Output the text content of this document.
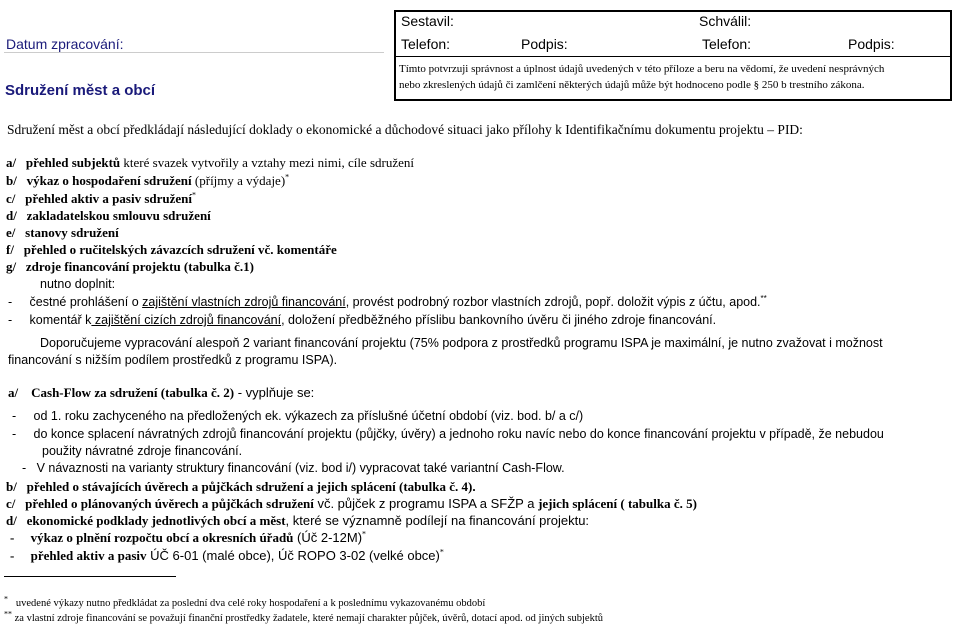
Datum zpracování:
Sdružení měst a obcí
Sestavil:	Schválil:
Telefon:	Podpis:	Telefon:	Podpis:
Tímto potvrzuji správnost a úplnost údajů uvedených v této příloze a beru na vědomí, že uvedení nesprávných
nebo zkreslených údajů či zamlčení některých údajů může být hodnoceno podle § 250 b trestního zákona.
Sdružení měst a obcí předkládají následující doklady o ekonomické a důchodové situaci jako přílohy k Identifikačnímu dokumentu projektu – PID:
a/ přehled subjektů které svazek vytvořily a vztahy mezi nimi, cíle sdružení
b/ výkaz o hospodaření sdružení (příjmy a výdaje)*
c/ přehled aktiv a pasiv sdružení*
d/ zakladatelskou smlouvu sdružení
e/ stanovy sdružení
f/ přehled o ručitelských závazcích sdružení vč. komentáře
g/ zdroje financování projektu (tabulka č.1)
nutno doplnit:
- čestné prohlášení o zajištění vlastních zdrojů financování, provést podrobný rozbor vlastních zdrojů, popř. doložit výpis z účtu, apod.**
- komentář k zajištění cizích zdrojů financování, doložení předběžného příslibu bankovního úvěru či jiného zdroje financování.
Doporučujeme vypracování alespoň 2 variant financování projektu (75% podpora z prostředků programu ISPA je maximální, je nutno zvažovat i možnost
financování s nižším podílem prostředků z programu ISPA).
a/ Cash-Flow za sdružení (tabulka č. 2) - vyplňuje se:
- od 1. roku zachyceného na předložených ek. výkazech za příslušné účetní období (viz. bod. b/ a c/)
- do konce splacení návratných zdrojů financování projektu (půjčky, úvěry) a jednoho roku navíc nebo do konce financování projektu v případě, že nebudou
použity návratné zdroje financování.
- V návaznosti na varianty struktury financování (viz. bod i/) vypracovat také variantní Cash-Flow.
b/ přehled o stávajících úvěrech a půjčkách sdružení a jejich splácení (tabulka č. 4).
c/ přehled o plánovaných úvěrech a půjčkách sdružení vč. půjček z programu ISPA a SFŽP a jejich splácení ( tabulka č. 5)
d/ ekonomické podklady jednotlivých obcí a měst, které se významně podílejí na financování projektu:
- výkaz o plnění rozpočtu obcí a okresních úřadů (Úč 2-12M)*
- přehled aktiv a pasiv ÚČ 6-01 (malé obce), Úč ROPO 3-02 (velké obce)*
* uvedené výkazy nutno předkládat za poslední dva celé roky hospodaření a k poslednímu vykazovanému období
** za vlastní zdroje financování se považují finanční prostředky žadatele, které nemají charakter půjček, úvěrů, dotací apod. od jiných subjektů
